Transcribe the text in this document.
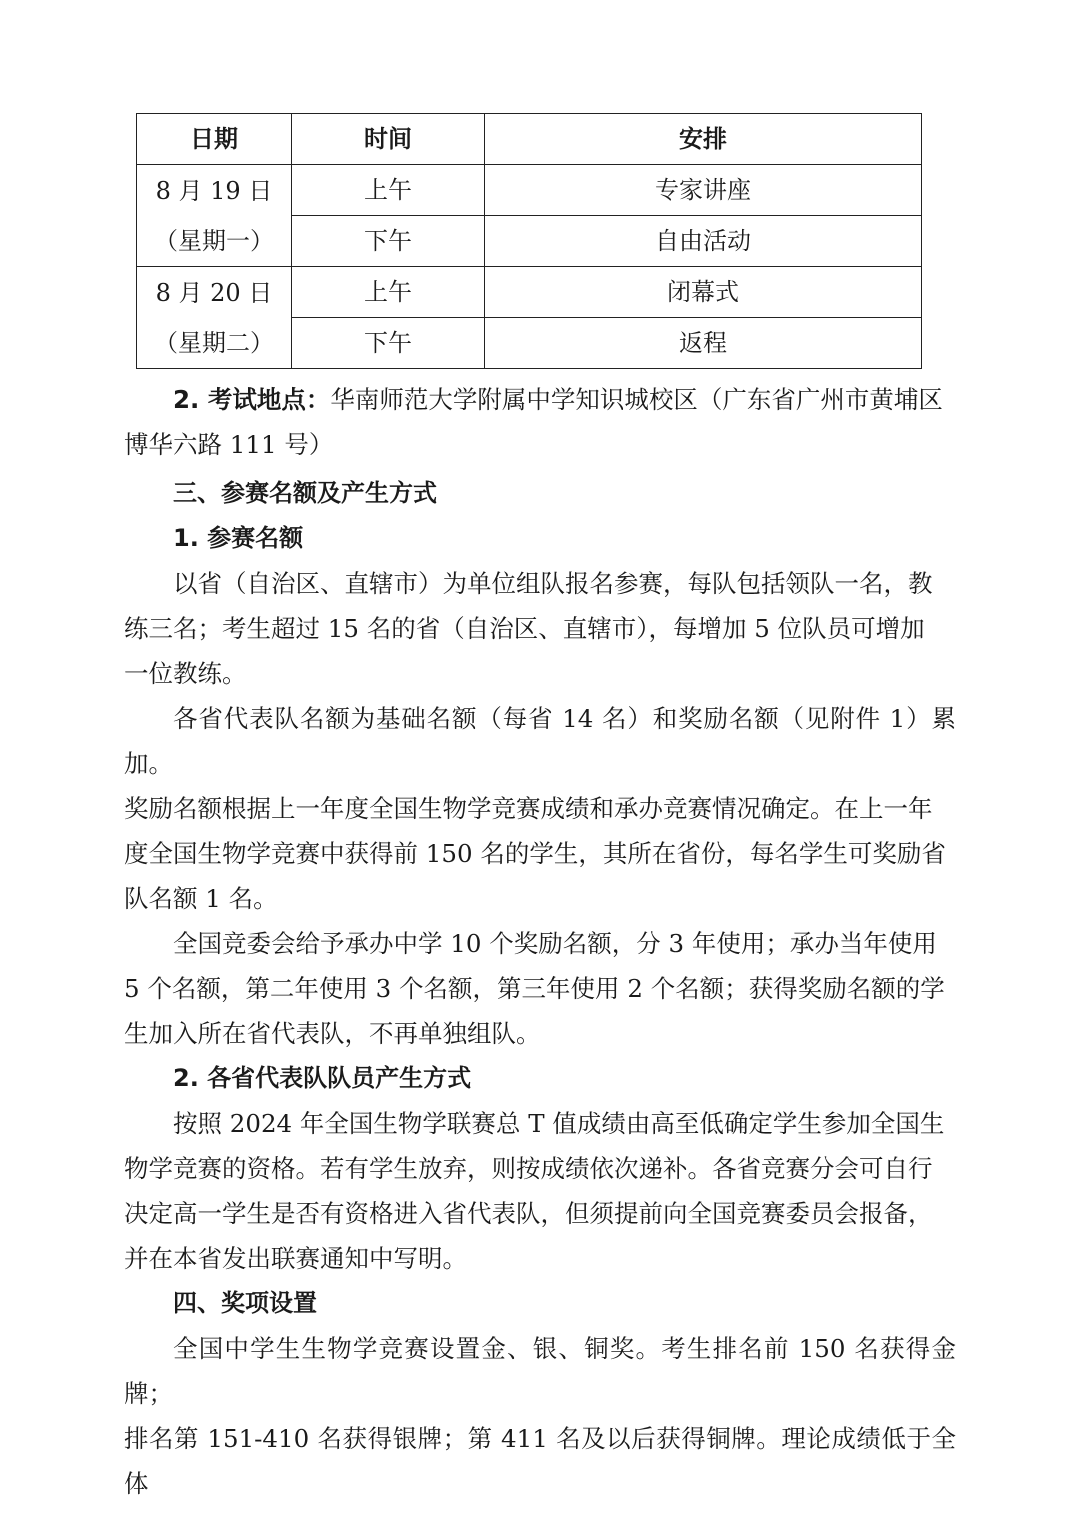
日期	时间	安排

8 月 19 日
（星期一）	上午	专家讲座
	下午	自由活动

8 月 20 日
（星期二）	上午	闭幕式
	下午	返程
2. 考试地点：华南师范大学附属中学知识城校区（广东省广州市黄埔区
博华六路 111 号）
三、参赛名额及产生方式
1. 参赛名额
以省（自治区、直辖市）为单位组队报名参赛，每队包括领队一名，教
练三名；考生超过 15 名的省（自治区、直辖市），每增加 5 位队员可增加
一位教练。
各省代表队名额为基础名额（每省 14 名）和奖励名额（见附件 1）累加。
奖励名额根据上一年度全国生物学竞赛成绩和承办竞赛情况确定。在上一年
度全国生物学竞赛中获得前 150 名的学生，其所在省份，每名学生可奖励省
队名额 1 名。
全国竞委会给予承办中学 10 个奖励名额，分 3 年使用；承办当年使用
5 个名额，第二年使用 3 个名额，第三年使用 2 个名额；获得奖励名额的学
生加入所在省代表队，不再单独组队。
2. 各省代表队队员产生方式
按照 2024 年全国生物学联赛总 T 值成绩由高至低确定学生参加全国生
物学竞赛的资格。若有学生放弃，则按成绩依次递补。各省竞赛分会可自行
决定高一学生是否有资格进入省代表队，但须提前向全国竞赛委员会报备，
并在本省发出联赛通知中写明。
四、奖项设置
全国中学生生物学竞赛设置金、银、铜奖。考生排名前 150 名获得金牌；
排名第 151-410 名获得银牌；第 411 名及以后获得铜牌。理论成绩低于全体
